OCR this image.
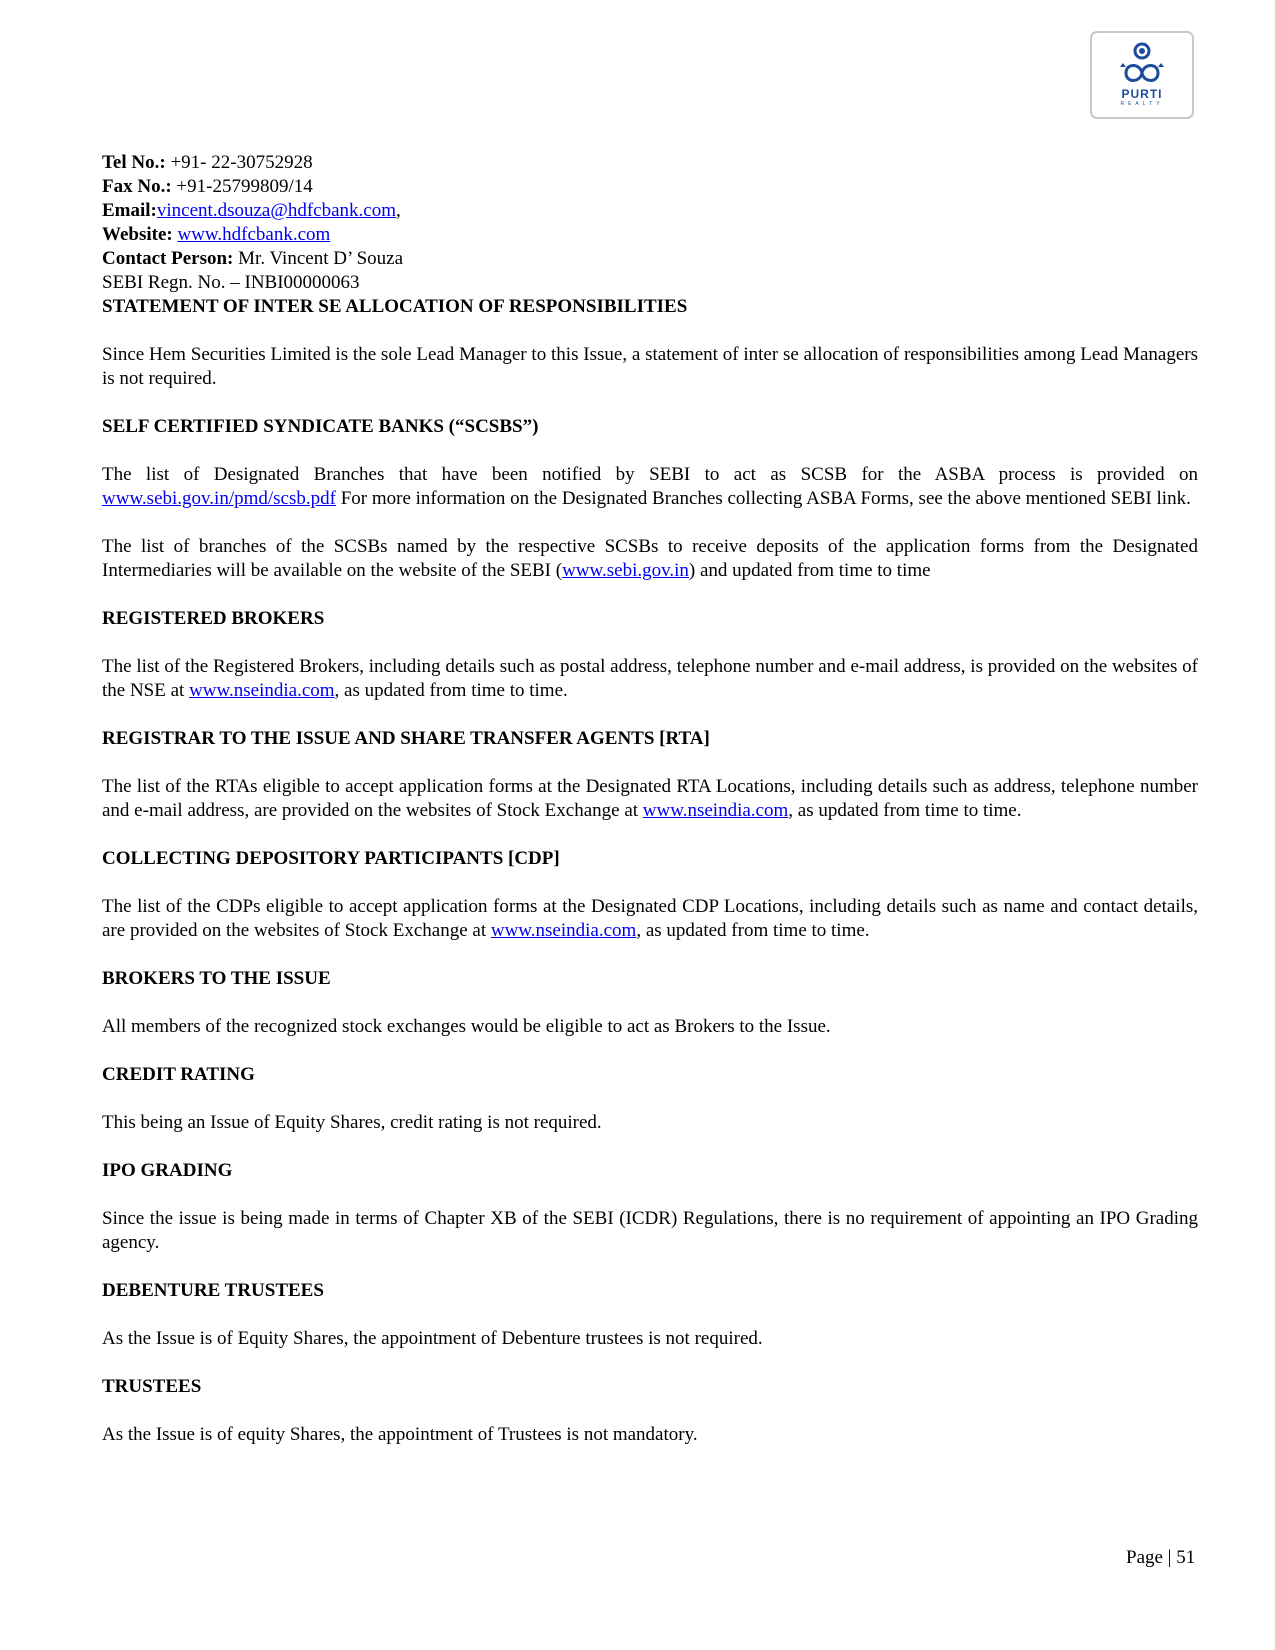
PURTI
REALTY

Tel No.: +91- 22-30752928

Fax No.: +91-25799809/14

Email:vincent.dsouza@hdfcbank.com,

Website: www.hdfcbank.com

Contact Person: Mr. Vincent D’ Souza

SEBI Regn. No. – INBI00000063

STATEMENT OF INTER SE ALLOCATION OF RESPONSIBILITIES

Since Hem Securities Limited is the sole Lead Manager to this Issue, a statement of inter se allocation of responsibilities among Lead Managers is not required.

SELF CERTIFIED SYNDICATE BANKS (“SCSBS”)

The list of Designated Branches that have been notified by SEBI to act as SCSB for the ASBA process is provided on www.sebi.gov.in/pmd/scsb.pdf For more information on the Designated Branches collecting ASBA Forms, see the above mentioned SEBI link.

The list of branches of the SCSBs named by the respective SCSBs to receive deposits of the application forms from the Designated Intermediaries will be available on the website of the SEBI (www.sebi.gov.in) and updated from time to time

REGISTERED BROKERS

The list of the Registered Brokers, including details such as postal address, telephone number and e-mail address, is provided on the websites of the NSE at www.nseindia.com, as updated from time to time.

REGISTRAR TO THE ISSUE AND SHARE TRANSFER AGENTS [RTA]

The list of the RTAs eligible to accept application forms at the Designated RTA Locations, including details such as address, telephone number and e-mail address, are provided on the websites of Stock Exchange at www.nseindia.com, as updated from time to time.

COLLECTING DEPOSITORY PARTICIPANTS [CDP]

The list of the CDPs eligible to accept application forms at the Designated CDP Locations, including details such as name and contact details, are provided on the websites of Stock Exchange at www.nseindia.com, as updated from time to time.

BROKERS TO THE ISSUE

All members of the recognized stock exchanges would be eligible to act as Brokers to the Issue.

CREDIT RATING

This being an Issue of Equity Shares, credit rating is not required.

IPO GRADING

Since the issue is being made in terms of Chapter XB of the SEBI (ICDR) Regulations, there is no requirement of appointing an IPO Grading agency.

DEBENTURE TRUSTEES

As the Issue is of Equity Shares, the appointment of Debenture trustees is not required.

TRUSTEES

As the Issue is of equity Shares, the appointment of Trustees is not mandatory.

Page | 51
